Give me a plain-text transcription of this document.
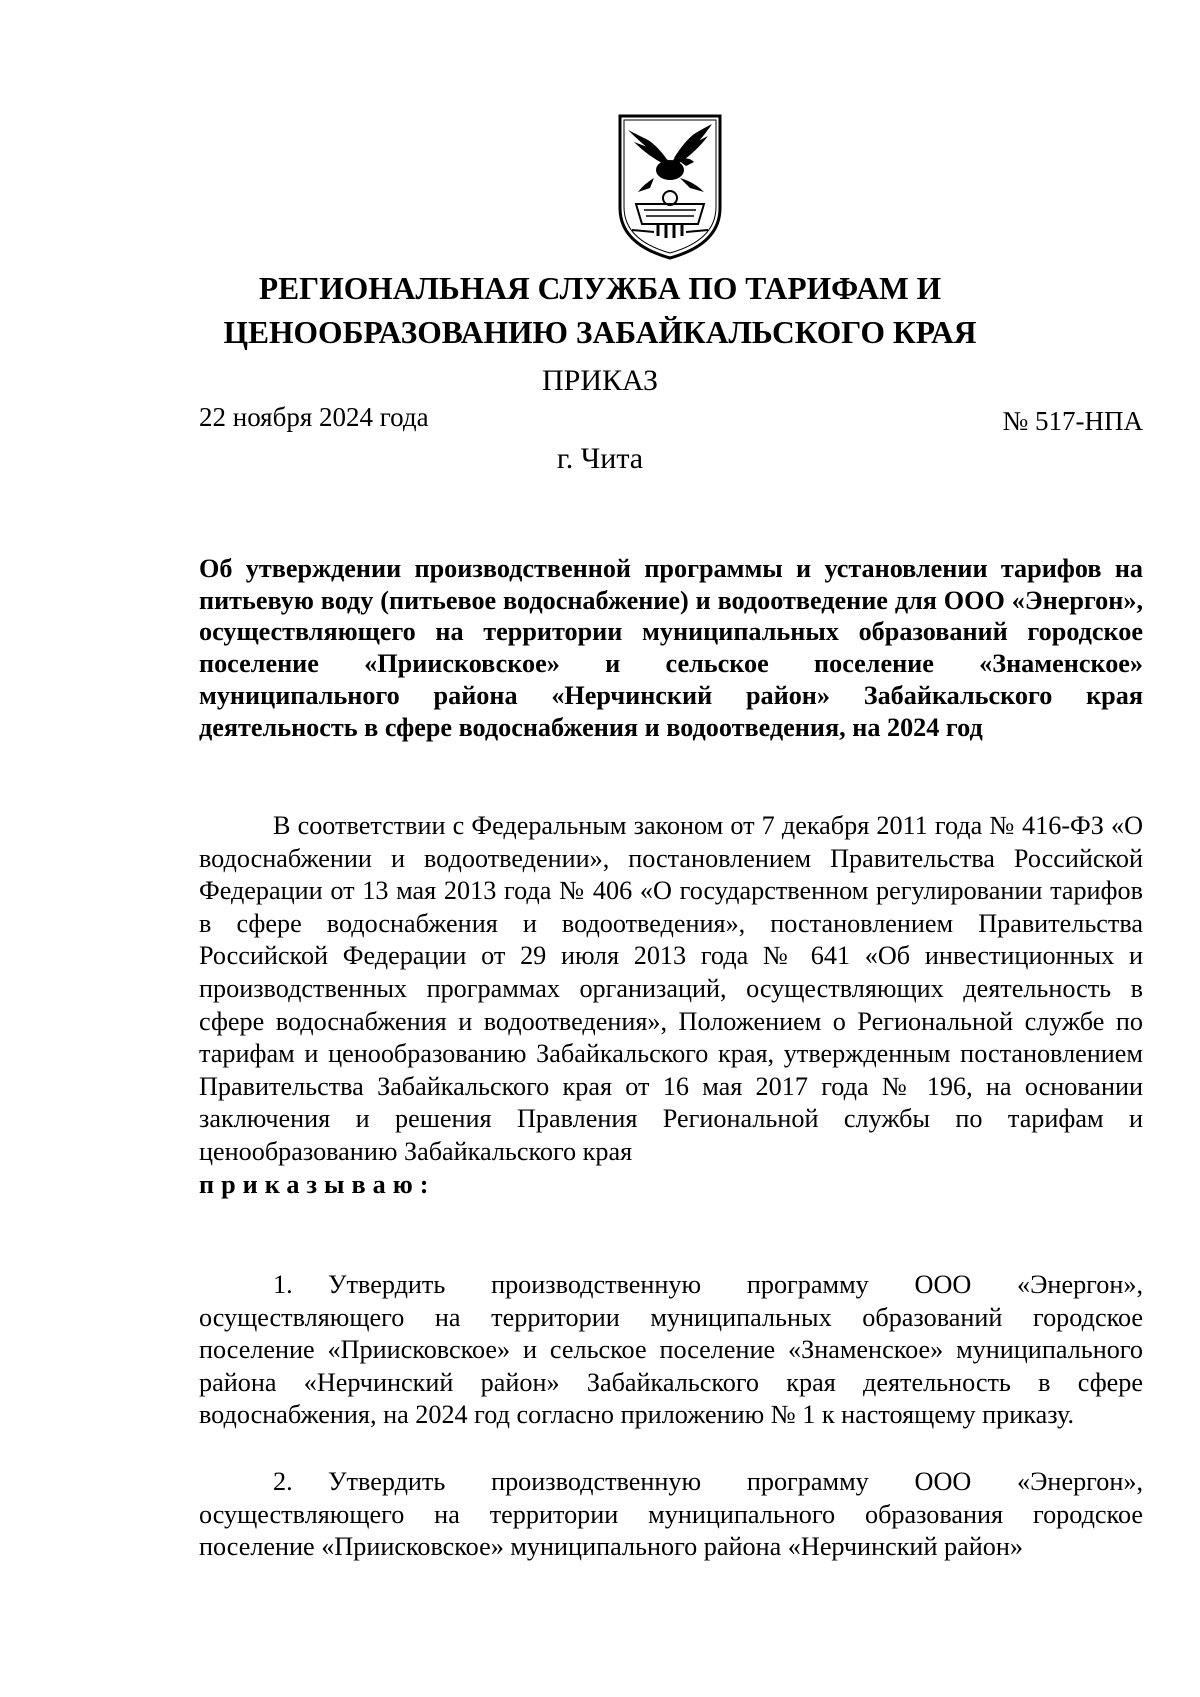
РЕГИОНАЛЬНАЯ СЛУЖБА ПО ТАРИФАМ И
ЦЕНООБРАЗОВАНИЮ ЗАБАЙКАЛЬСКОГО КРАЯ
ПРИКАЗ
22 ноября 2024 года	№ 517-НПА
г. Чита
Об утверждении производственной программы и установлении тарифов на питьевую воду (питьевое водоснабжение) и водоотведение для ООО «Энергон», осуществляющего на территории муниципальных образований городское поселение «Приисковское» и сельское поселение «Знаменское» муниципального района «Нерчинский район» Забайкальского края деятельность в сфере водоснабжения и водоотведения, на 2024 год
В соответствии с Федеральным законом от 7 декабря 2011 года № 416-ФЗ «О водоснабжении и водоотведении», постановлением Правительства Российской Федерации от 13 мая 2013 года № 406 «О государственном регулировании тарифов в сфере водоснабжения и водоотведения», постановлением Правительства Российской Федерации от 29 июля 2013 года № 641 «Об инвестиционных и производственных программах организаций, осуществляющих деятельность в сфере водоснабжения и водоотведения», Положением о Региональной службе по тарифам и ценообразованию Забайкальского края, утвержденным постановлением Правительства Забайкальского края от 16 мая 2017 года № 196, на основании заключения и решения Правления Региональной службы по тарифам и ценообразованию Забайкальского края
приказываю:
1. Утвердить производственную программу ООО «Энергон», осуществляющего на территории муниципальных образований городское поселение «Приисковское» и сельское поселение «Знаменское» муниципального района «Нерчинский район» Забайкальского края деятельность в сфере водоснабжения, на 2024 год согласно приложению № 1 к настоящему приказу.
2. Утвердить производственную программу ООО «Энергон», осуществляющего на территории муниципального образования городское поселение «Приисковское» муниципального района «Нерчинский район»
